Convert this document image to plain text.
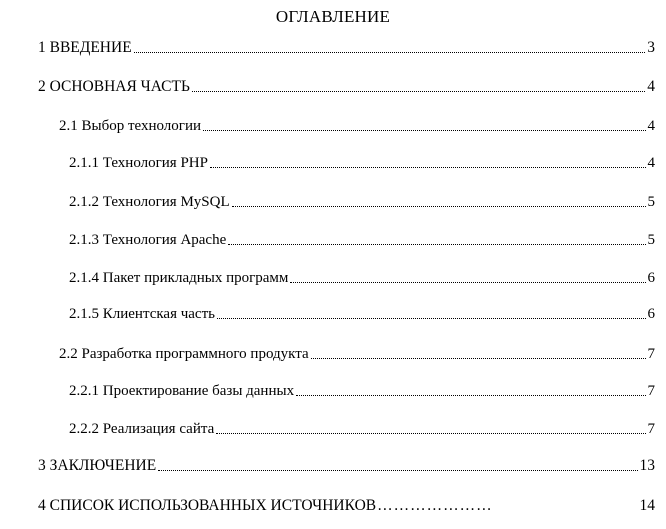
ОГЛАВЛЕНИЕ
1 ВВЕДЕНИЕ	3
2 ОСНОВНАЯ ЧАСТЬ	4
2.1 Выбор технологии	4
2.1.1 Технология PHP	4
2.1.2 Технология MySQL	5
2.1.3 Технология Apache	5
2.1.4 Пакет прикладных программ	6
2.1.5 Клиентская часть	6
2.2 Разработка программного продукта	7
2.2.1 Проектирование базы данных	7
2.2.2 Реализация сайта	7
3 ЗАКЛЮЧЕНИЕ	13
4 СПИСОК ИСПОЛЬЗОВАННЫХ ИСТОЧНИКОВ …………………	14
